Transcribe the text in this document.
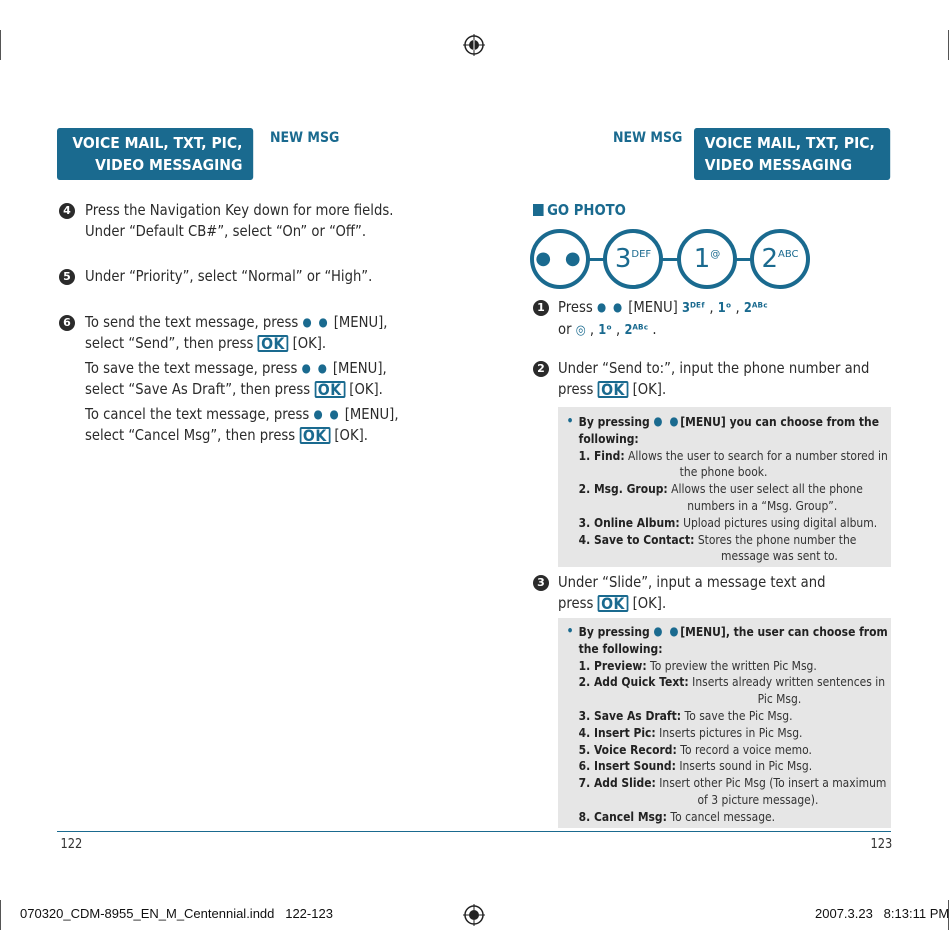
VOICE MAIL, TXT, PIC,
VIDEO MESSAGING
NEW MSG	NEW MSG VOICE MAIL, TXT, PIC,
VIDEO MESSAGING
4 Press the Navigation Key down for more fields.
Under “Default CB#”, select “On” or “Off”.
5 Under “Priority”, select “Normal” or “High”.
6 To send the text message, press ● ● [MENU],
select “Send”, then press OK [OK].
To save the text message, press ● ● [MENU],
select “Save As Draft”, then press OK [OK].
To cancel the text message, press ● ● [MENU],
select “Cancel Msg”, then press OK [OK].
GO PHOTO
● ●	$3^{DEF}$	1@	$2^{ABC}$
1 Press ● ● [MENU] 3ᴰᴱᶠ , 1ᵒ , 2ᴬᴮᶜ
or ◎ , 1ᵒ , 2ᴬᴮᶜ .
2 Under “Send to:”, input the phone number and
press OK [OK].
• By pressing ● ●[MENU] you can choose from the
following:
1. Find: Allows the user to search for a number stored in
the phone book.
2. Msg. Group: Allows the user select all the phone
numbers in a “Msg. Group”.
3. Online Album: Upload pictures using digital album.
4. Save to Contact: Stores the phone number the
message was sent to.
3 Under “Slide”, input a message text and
press OK [OK].
• By pressing ● ●[MENU], the user can choose from
the following:
1. Preview: To preview the written Pic Msg.
2. Add Quick Text: Inserts already written sentences in
Pic Msg.
3. Save As Draft: To save the Pic Msg.
4. Insert Pic: Inserts pictures in Pic Msg.
5. Voice Record: To record a voice memo.
6. Insert Sound: Inserts sound in Pic Msg.
7. Add Slide: Insert other Pic Msg (To insert a maximum
of 3 picture message).
8. Cancel Msg: To cancel message.
122	123
070320_CDM-8955_EN_M_Centennial.indd   122-123	2007.3.23   8:13:11 PM
